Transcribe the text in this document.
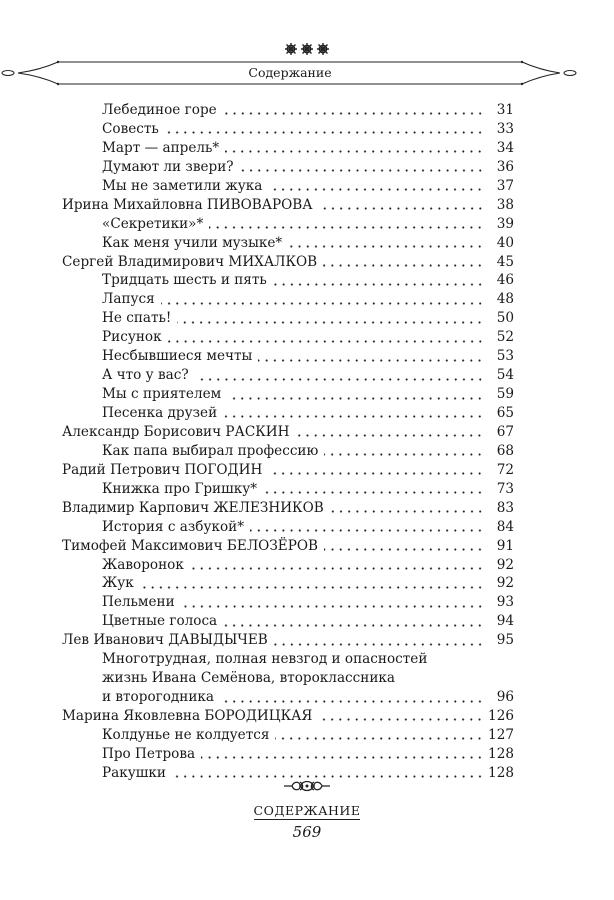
Содержание
Лебединое горе	31
Совесть	33
Март — апрель*	34
Думают ли звери?	36
Мы не заметили жука	37
Ирина Михайловна ПИВОВАРОВА	38
«Секретики»*	39
Как меня учили музыке*	40
Сергей Владимирович МИХАЛКОВ	45
Тридцать шесть и пять	46
Лапуся	48
Не спать!	50
Рисунок	52
Несбывшиеся мечты	53
А что у вас?	54
Мы с приятелем	59
Песенка друзей	65
Александр Борисович РАСКИН	67
Как папа выбирал профессию	68
Радий Петрович ПОГОДИН	72
Книжка про Гришку*	73
Владимир Карпович ЖЕЛЕЗНИКОВ	83
История с азбукой*	84
Тимофей Максимович БЕЛОЗЁРОВ	91
Жаворонок	92
Жук	92
Пельмени	93
Цветные голоса	94
Лев Иванович ДАВЫДЫЧЕВ	95
Многотрудная, полная невзгод и опасностей
жизнь Ивана Семёнова, второклассника
и второгодника	96
Марина Яковлевна БОРОДИЦКАЯ	126
Колдунье не колдуется	127
Про Петрова	128
Ракушки	128
СОДЕРЖАНИЕ
569
